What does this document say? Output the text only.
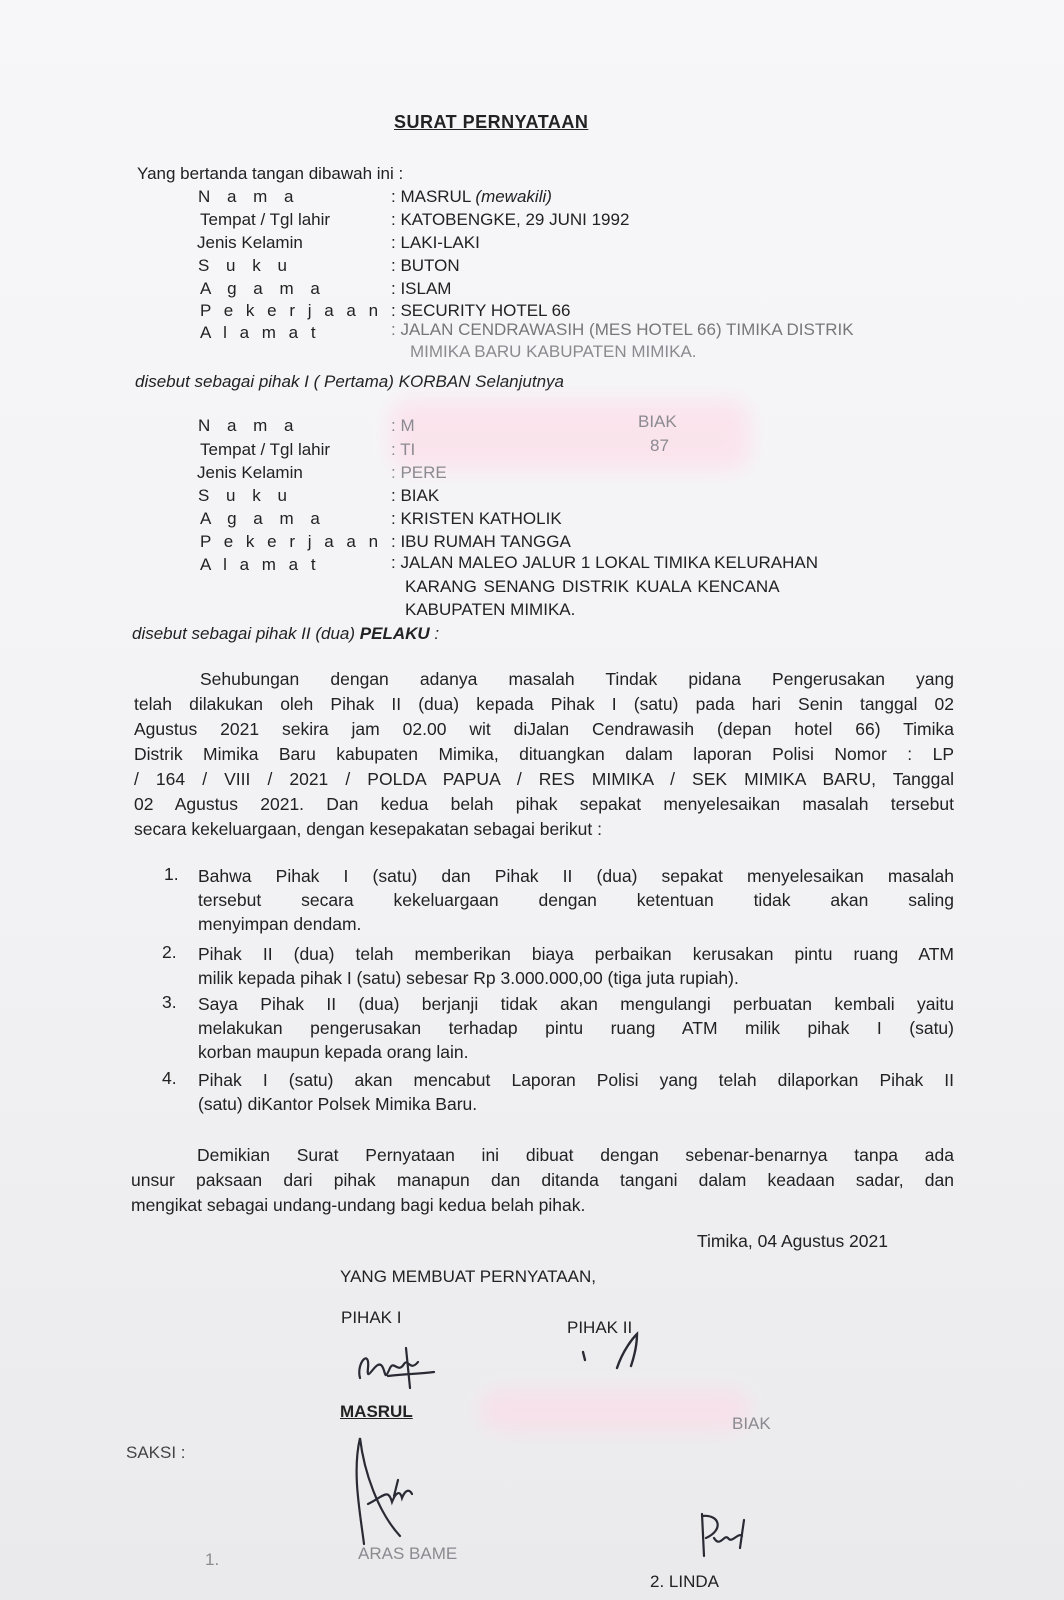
SURAT PERNYATAAN
Yang bertanda tangan dibawah ini :
N a m a	: MASRUL (mewakili)
Tempat / Tgl lahir	: KATOBENGKE, 29 JUNI 1992
Jenis Kelamin	: LAKI-LAKI
S u k u	: BUTON
A g a m a	: ISLAM
P e k e r j a a n : SECURITY HOTEL 66
A l a m a t	: JALAN CENDRAWASIH (MES HOTEL 66) TIMIKA DISTRIK
MIMIKA BARU KABUPATEN MIMIKA.
disebut sebagai pihak I ( Pertama) KORBAN Selanjutnya
N a m a	: M	BIAK
Tempat / Tgl lahir	: TI	87
Jenis Kelamin	: PERE
S u k u	: BIAK
A g a m a	: KRISTEN KATHOLIK
P e k e r j a a n : IBU RUMAH TANGGA
A l a m a t	: JALAN MALEO JALUR 1 LOKAL TIMIKA KELURAHAN
KARANG SENANG DISTRIK KUALA KENCANA
KABUPATEN MIMIKA.
disebut sebagai pihak II (dua) PELAKU :
Sehubungan dengan adanya masalah Tindak pidana Pengerusakan yang
telah dilakukan oleh Pihak II (dua) kepada Pihak I (satu) pada hari Senin tanggal 02
Agustus 2021 sekira jam 02.00 wit diJalan Cendrawasih (depan hotel 66) Timika
Distrik Mimika Baru kabupaten Mimika, dituangkan dalam laporan Polisi Nomor : LP
/ 164 / VIII / 2021 / POLDA PAPUA / RES MIMIKA / SEK MIMIKA BARU, Tanggal
02 Agustus 2021. Dan kedua belah pihak sepakat menyelesaikan masalah tersebut
secara kekeluargaan, dengan kesepakatan sebagai berikut :
1. Bahwa Pihak I (satu) dan Pihak II (dua) sepakat menyelesaikan masalah
tersebut secara kekeluargaan dengan ketentuan tidak akan saling
menyimpan dendam.
2. Pihak II (dua) telah memberikan biaya perbaikan kerusakan pintu ruang ATM
milik kepada pihak I (satu) sebesar Rp 3.000.000,00 (tiga juta rupiah).
3. Saya Pihak II (dua) berjanji tidak akan mengulangi perbuatan kembali yaitu
melakukan pengerusakan terhadap pintu ruang ATM milik pihak I (satu)
korban maupun kepada orang lain.
4. Pihak I (satu) akan mencabut Laporan Polisi yang telah dilaporkan Pihak II
(satu) diKantor Polsek Mimika Baru.
Demikian Surat Pernyataan ini dibuat dengan sebenar-benarnya tanpa ada
unsur paksaan dari pihak manapun dan ditanda tangani dalam keadaan sadar, dan
mengikat sebagai undang-undang bagi kedua belah pihak.
Timika, 04 Agustus 2021
YANG MEMBUAT PERNYATAAN,
PIHAK I
PIHAK II
MASRUL
BIAK
SAKSI :
1.	ARAS BAME
2. LINDA
